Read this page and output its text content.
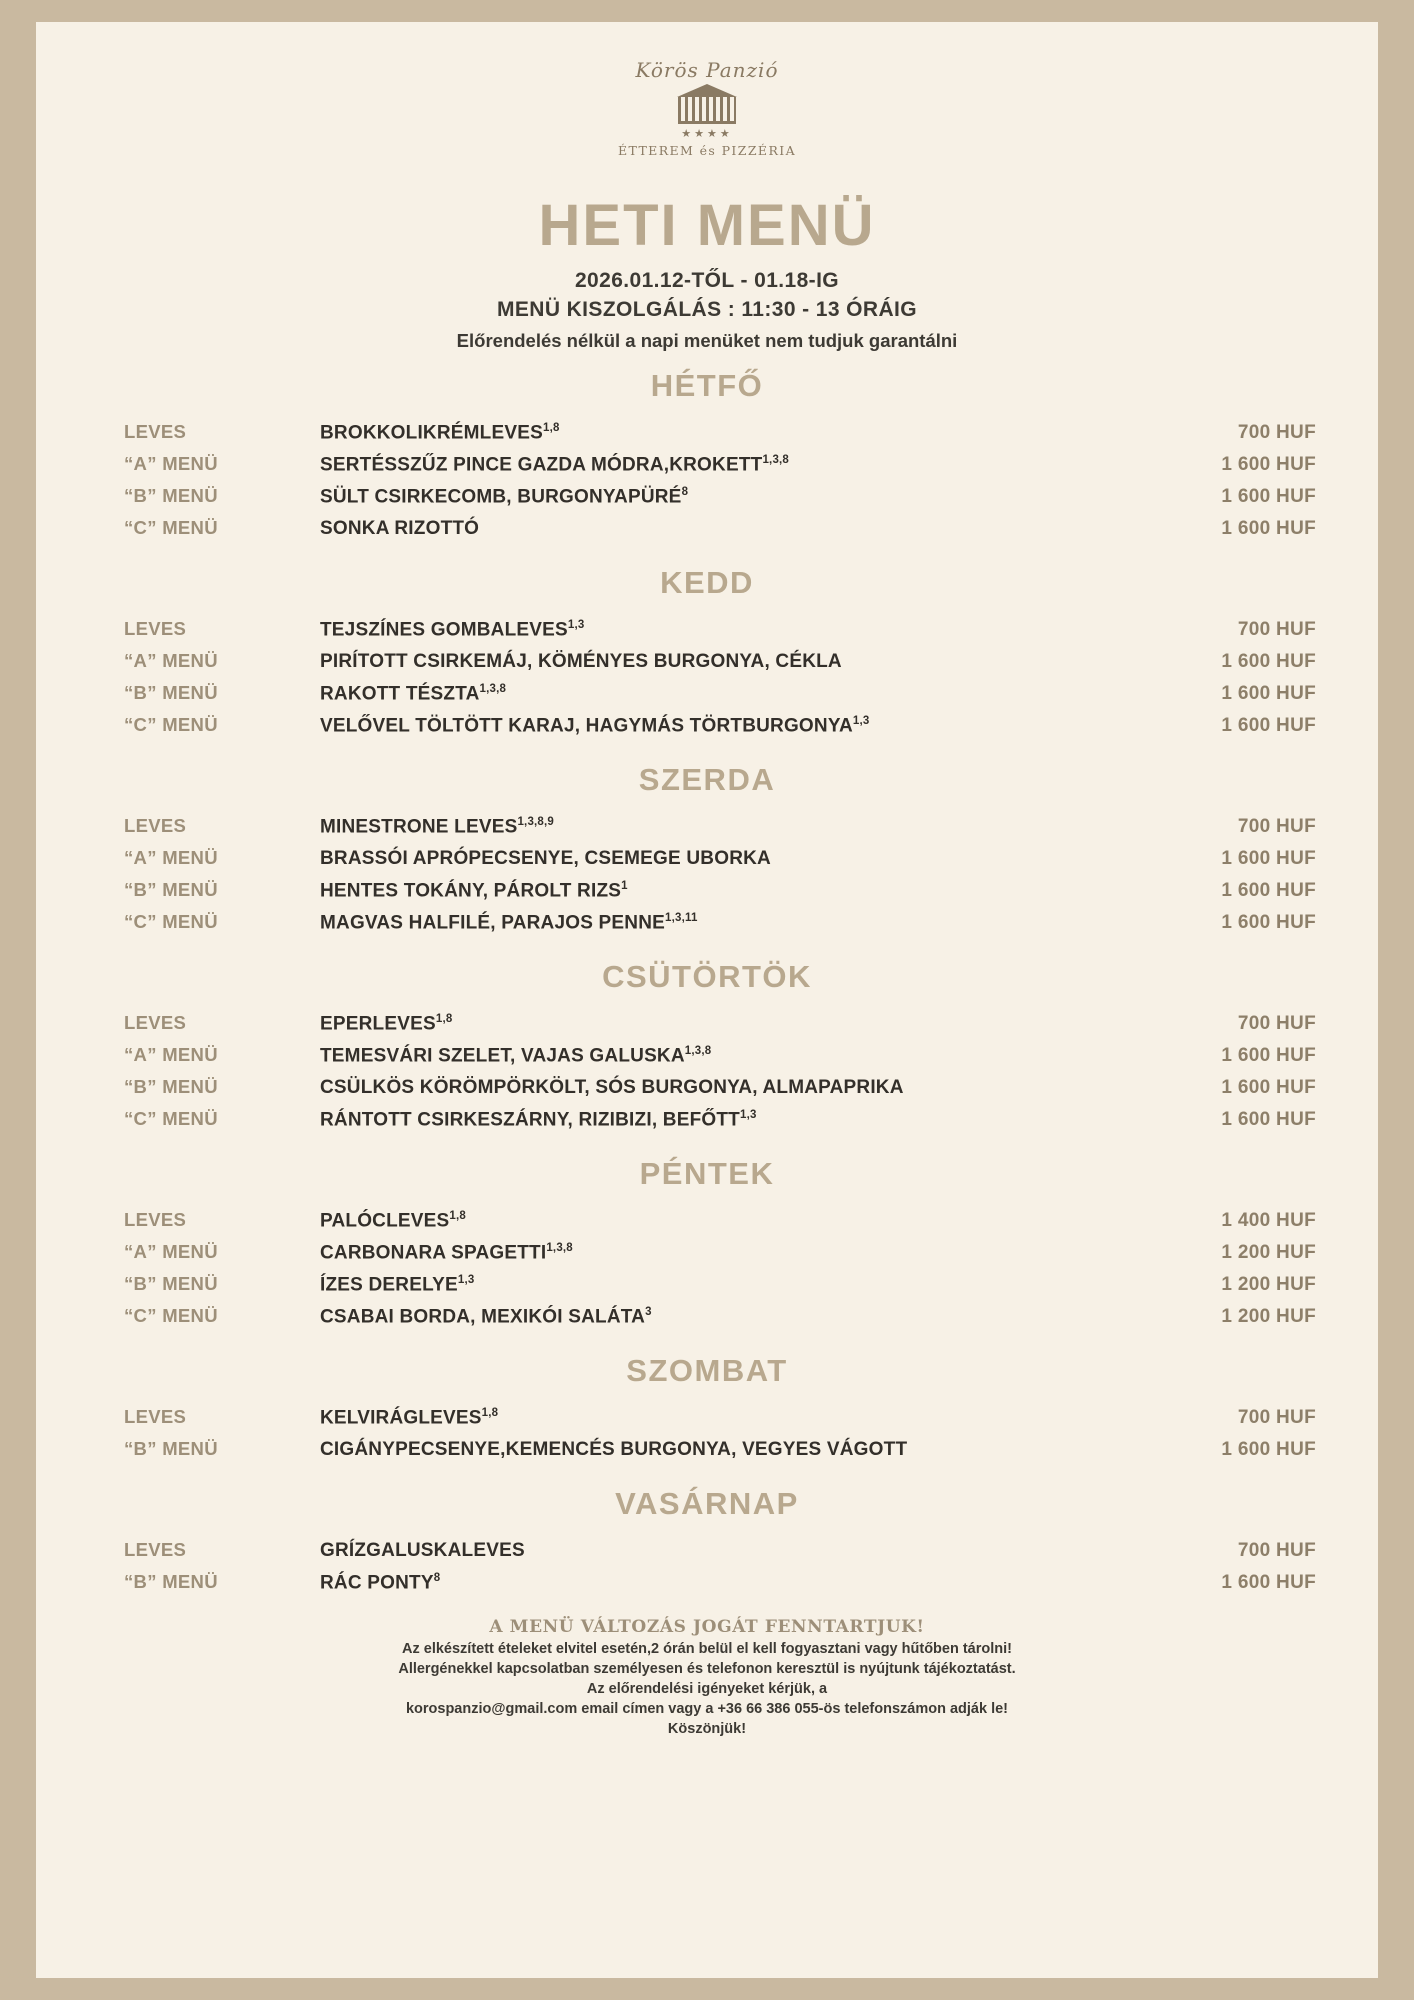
Körös Panzió
★★★★
ÉTTEREM és PIZZÉRIA
HETI MENÜ
2026.01.12-TŐL - 01.18-IG
MENÜ KISZOLGÁLÁS : 11:30 - 13 ÓRÁIG
Előrendelés nélkül a napi menüket nem tudjuk garantálni
HÉTFŐ
LEVES	BROKKOLIKRÉMLEVES$^{1,8}$	700 HUF
“A” MENÜ	SERTÉSSZŰZ PINCE GAZDA MÓDRA,KROKETT$^{1,3,8}$	1 600 HUF
“B” MENÜ	SÜLT CSIRKECOMB, BURGONYAPÜRÉ$^8$	1 600 HUF
“C” MENÜ	SONKA RIZOTTÓ	1 600 HUF
KEDD
LEVES	TEJSZÍNES GOMBALEVES$^{1,3}$	700 HUF
“A” MENÜ	PIRÍTOTT CSIRKEMÁJ, KÖMÉNYES BURGONYA, CÉKLA	1 600 HUF
“B” MENÜ	RAKOTT TÉSZTA$^{1,3,8}$	1 600 HUF
“C” MENÜ	VELŐVEL TÖLTÖTT KARAJ, HAGYMÁS TÖRTBURGONYA$^{1,3}$	1 600 HUF
SZERDA
LEVES	MINESTRONE LEVES$^{1,3,8,9}$	700 HUF
“A” MENÜ	BRASSÓI APRÓPECSENYE, CSEMEGE UBORKA	1 600 HUF
“B” MENÜ	HENTES TOKÁNY, PÁROLT RIZS$^1$	1 600 HUF
“C” MENÜ	MAGVAS HALFILÉ, PARAJOS PENNE$^{1,3,11}$	1 600 HUF
CSÜTÖRTÖK
LEVES	EPERLEVES$^{1,8}$	700 HUF
“A” MENÜ	TEMESVÁRI SZELET, VAJAS GALUSKA$^{1,3,8}$	1 600 HUF
“B” MENÜ	CSÜLKÖS KÖRÖMPÖRKÖLT, SÓS BURGONYA, ALMAPAPRIKA	1 600 HUF
“C” MENÜ	RÁNTOTT CSIRKESZÁRNY, RIZIBIZI, BEFŐTT$^{1,3}$	1 600 HUF
PÉNTEK
LEVES	PALÓCLEVES$^{1,8}$	1 400 HUF
“A” MENÜ	CARBONARA SPAGETTI$^{1,3,8}$	1 200 HUF
“B” MENÜ	ÍZES DERELYE$^{1,3}$	1 200 HUF
“C” MENÜ	CSABAI BORDA, MEXIKÓI SALÁTA$^3$	1 200 HUF
SZOMBAT
LEVES	KELVIRÁGLEVES$^{1,8}$	700 HUF
“B” MENÜ	CIGÁNYPECSENYE,KEMENCÉS BURGONYA, VEGYES VÁGOTT	1 600 HUF
VASÁRNAP
LEVES	GRÍZGALUSKALEVES	700 HUF
“B” MENÜ	RÁC PONTY$^8$	1 600 HUF
A MENÜ VÁLTOZÁS JOGÁT FENNTARTJUK!
Az elkészített ételeket elvitel esetén,2 órán belül el kell fogyasztani vagy hűtőben tárolni!
Allergénekkel kapcsolatban személyesen és telefonon keresztül is nyújtunk tájékoztatást.
Az előrendelési igényeket kérjük, a
korospanzio@gmail.com email címen vagy a +36 66 386 055-ös telefonszámon adják le!
Köszönjük!
